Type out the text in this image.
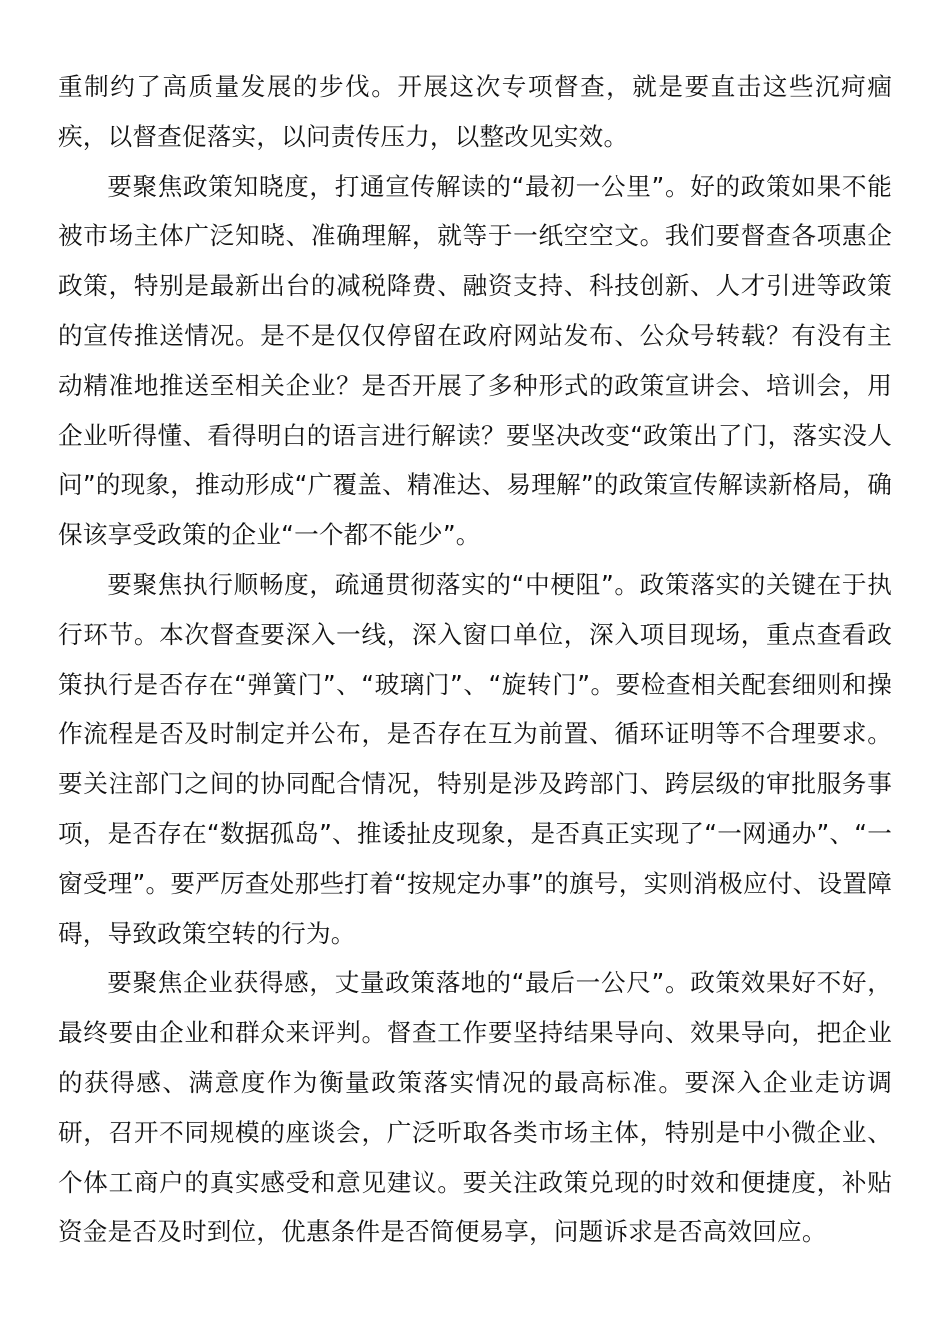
重制约了高质量发展的步伐。开展这次专项督查，就是要直击这些沉疴痼疾，以督查促落实，以问责传压力，以整改见实效。

要聚焦政策知晓度，打通宣传解读的“最初一公里”。好的政策如果不能被市场主体广泛知晓、准确理解，就等于一纸空空文。我们要督查各项惠企政策，特别是最新出台的减税降费、融资支持、科技创新、人才引进等政策的宣传推送情况。是不是仅仅停留在政府网站发布、公众号转载？有没有主动精准地推送至相关企业？是否开展了多种形式的政策宣讲会、培训会，用企业听得懂、看得明白的语言进行解读？要坚决改变“政策出了门，落实没人问”的现象，推动形成“广覆盖、精准达、易理解”的政策宣传解读新格局，确保该享受政策的企业“一个都不能少”。

要聚焦执行顺畅度，疏通贯彻落实的“中梗阻”。政策落实的关键在于执行环节。本次督查要深入一线，深入窗口单位，深入项目现场，重点查看政策执行是否存在“弹簧门”、“玻璃门”、“旋转门”。要检查相关配套细则和操作流程是否及时制定并公布，是否存在互为前置、循环证明等不合理要求。要关注部门之间的协同配合情况，特别是涉及跨部门、跨层级的审批服务事项，是否存在“数据孤岛”、推诿扯皮现象，是否真正实现了“一网通办”、“一窗受理”。要严厉查处那些打着“按规定办事”的旗号，实则消极应付、设置障碍，导致政策空转的行为。

要聚焦企业获得感，丈量政策落地的“最后一公尺”。政策效果好不好，最终要由企业和群众来评判。督查工作要坚持结果导向、效果导向，把企业的获得感、满意度作为衡量政策落实情况的最高标准。要深入企业走访调研，召开不同规模的座谈会，广泛听取各类市场主体，特别是中小微企业、个体工商户的真实感受和意见建议。要关注政策兑现的时效和便捷度，补贴资金是否及时到位，优惠条件是否简便易享，问题诉求是否高效回应。
